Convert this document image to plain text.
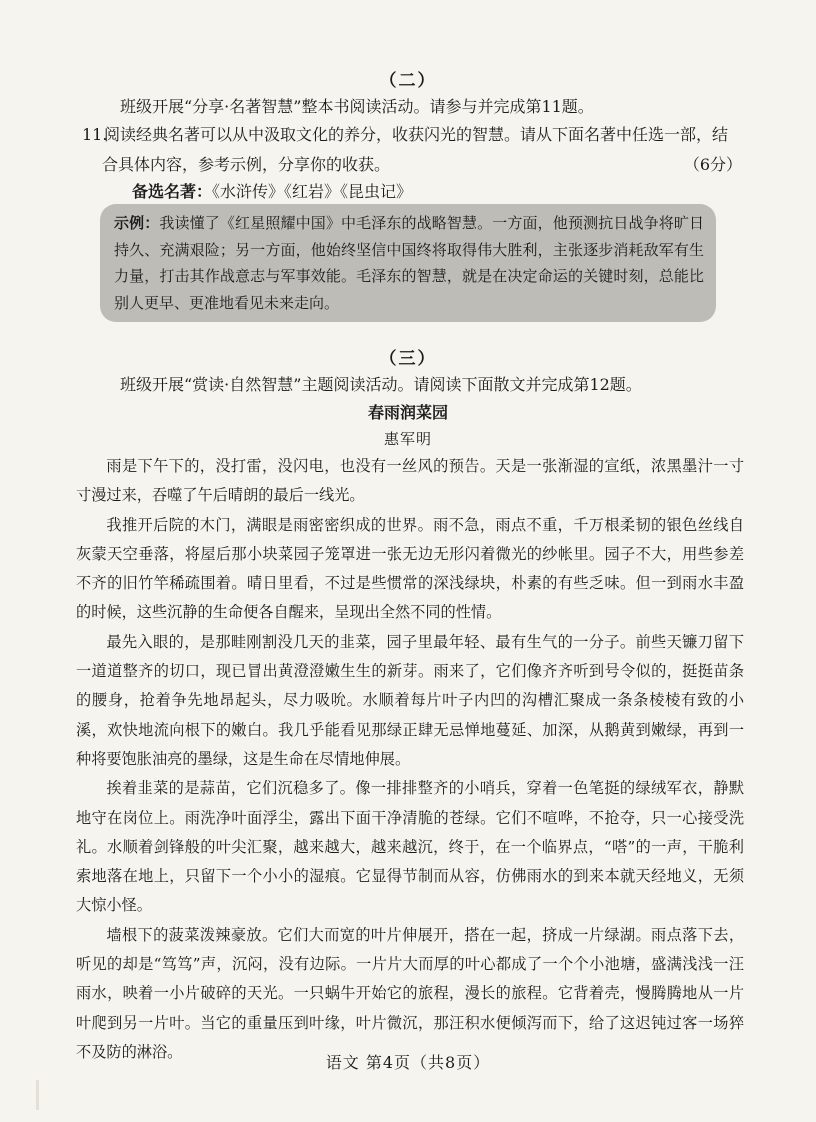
（二）
班级开展“分享·名著智慧”整本书阅读活动。请参与并完成第11题。
11.阅读经典名著可以从中汲取文化的养分，收获闪光的智慧。请从下面名著中任选一部，结
合具体内容，参考示例，分享你的收获。	（6分）
备选名著：《水浒传》《红岩》《昆虫记》
示例：我读懂了《红星照耀中国》中毛泽东的战略智慧。一方面，他预测抗日战争将旷日持久、充满艰险；另一方面，他始终坚信中国终将取得伟大胜利，主张逐步消耗敌军有生力量，打击其作战意志与军事效能。毛泽东的智慧，就是在决定命运的关键时刻，总能比别人更早、更准地看见未来走向。
（三）
班级开展“赏读·自然智慧”主题阅读活动。请阅读下面散文并完成第12题。
春雨润菜园
惠军明

雨是下午下的，没打雷，没闪电，也没有一丝风的预告。天是一张渐湿的宣纸，浓黑墨汁一寸寸漫过来，吞噬了午后晴朗的最后一线光。

我推开后院的木门，满眼是雨密密织成的世界。雨不急，雨点不重，千万根柔韧的银色丝线自灰蒙天空垂落，将屋后那小块菜园子笼罩进一张无边无形闪着微光的纱帐里。园子不大，用些参差不齐的旧竹竿稀疏围着。晴日里看，不过是些惯常的深浅绿块，朴素的有些乏味。但一到雨水丰盈的时候，这些沉静的生命便各自醒来，呈现出全然不同的性情。

最先入眼的，是那畦刚割没几天的韭菜，园子里最年轻、最有生气的一分子。前些天镰刀留下一道道整齐的切口，现已冒出黄澄澄嫩生生的新芽。雨来了，它们像齐齐听到号令似的，挺挺苗条的腰身，抢着争先地昂起头，尽力吸吮。水顺着每片叶子内凹的沟槽汇聚成一条条棱棱有致的小溪，欢快地流向根下的嫩白。我几乎能看见那绿正肆无忌惮地蔓延、加深，从鹅黄到嫩绿，再到一种将要饱胀油亮的墨绿，这是生命在尽情地伸展。

挨着韭菜的是蒜苗，它们沉稳多了。像一排排整齐的小哨兵，穿着一色笔挺的绿绒军衣，静默地守在岗位上。雨洗净叶面浮尘，露出下面干净清脆的苍绿。它们不喧哗，不抢夺，只一心接受洗礼。水顺着剑锋般的叶尖汇聚，越来越大，越来越沉，终于，在一个临界点，“嗒”的一声，干脆利索地落在地上，只留下一个小小的湿痕。它显得节制而从容，仿佛雨水的到来本就天经地义，无须大惊小怪。

墙根下的菠菜泼辣豪放。它们大而宽的叶片伸展开，搭在一起，挤成一片绿湖。雨点落下去，听见的却是“笃笃”声，沉闷，没有边际。一片片大而厚的叶心都成了一个个小池塘，盛满浅浅一汪雨水，映着一小片破碎的天光。一只蜗牛开始它的旅程，漫长的旅程。它背着壳，慢腾腾地从一片叶爬到另一片叶。当它的重量压到叶缘，叶片微沉，那汪积水便倾泻而下，给了这迟钝过客一场猝不及防的淋浴。

语文 第4页（共8页）
